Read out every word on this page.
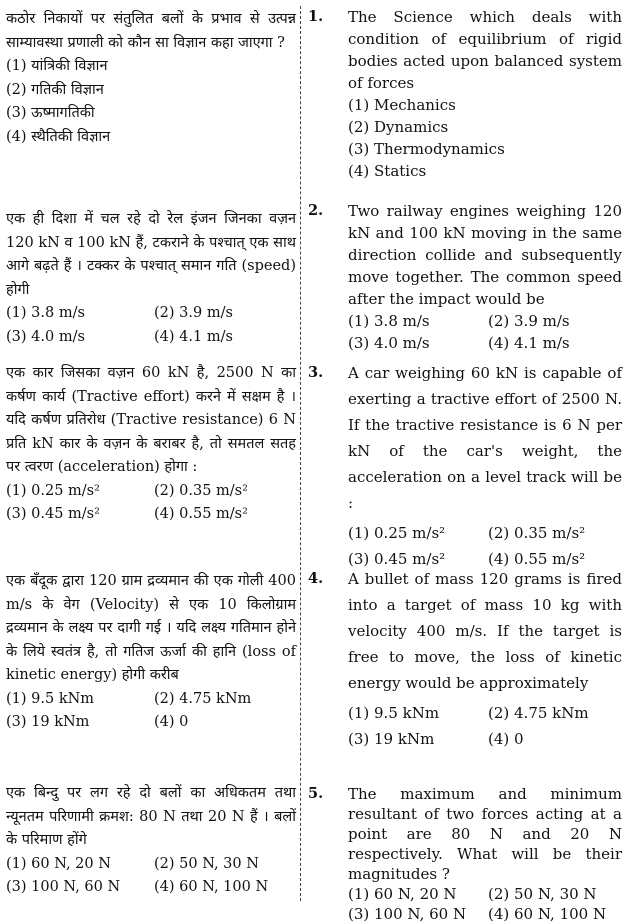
कठोर निकायों पर संतुलित बलों के प्रभाव से उत्पन्न साम्यावस्था प्रणाली को कौन सा विज्ञान कहा जाएगा ?
(1) यांत्रिकी विज्ञान
(2) गतिकी विज्ञान
(3) ऊष्मागतिकी
(4) स्थैतिकी विज्ञान
एक ही दिशा में चल रहे दो रेल इंजन जिनका वज़न 120 kN व 100 kN हैं, टकराने के पश्चात् एक साथ आगे बढ़ते हैं । टक्कर के पश्चात् समान गति (speed) होगी
(1) 3.8 m/s	(2) 3.9 m/s
(3) 4.0 m/s	(4) 4.1 m/s
एक कार जिसका वज़न 60 kN है, 2500 N का कर्षण कार्य (Tractive effort) करने में सक्षम है । यदि कर्षण प्रतिरोध (Tractive resistance) 6 N प्रति kN कार के वज़न के बराबर है, तो समतल सतह पर त्वरण (acceleration) होगा :
(1) 0.25 m/s²	(2) 0.35 m/s²
(3) 0.45 m/s²	(4) 0.55 m/s²
एक बँदूक द्वारा 120 ग्राम द्रव्यमान की एक गोली 400 m/s के वेग (Velocity) से एक 10 किलोग्राम द्रव्यमान के लक्ष्य पर दागी गई । यदि लक्ष्य गतिमान होने के लिये स्वतंत्र है, तो गतिज ऊर्जा की हानि (loss of kinetic energy) होगी करीब
(1) 9.5 kNm	(2) 4.75 kNm
(3) 19 kNm	(4) 0
एक बिन्दु पर लग रहे दो बलों का अधिकतम तथा न्यूनतम परिणामी क्रमश: 80 N तथा 20 N हैं । बलों के परिमाण होंगे
(1) 60 N, 20 N	(2) 50 N, 30 N
(3) 100 N, 60 N	(4) 60 N, 100 N
1. The Science which deals with condition of equilibrium of rigid bodies acted upon balanced system of forces
(1) Mechanics
(2) Dynamics
(3) Thermodynamics
(4) Statics
2. Two railway engines weighing 120 kN and 100 kN moving in the same direction collide and subsequently move together. The common speed after the impact would be
(1) 3.8 m/s	(2) 3.9 m/s
(3) 4.0 m/s	(4) 4.1 m/s
3. A car weighing 60 kN is capable of exerting a tractive effort of 2500 N. If the tractive resistance is 6 N per kN of the car's weight, the acceleration on a level track will be :
(1) 0.25 m/s²	(2) 0.35 m/s²
(3) 0.45 m/s²	(4) 0.55 m/s²
4. A bullet of mass 120 grams is fired into a target of mass 10 kg with velocity 400 m/s. If the target is free to move, the loss of kinetic energy would be approximately
(1) 9.5 kNm	(2) 4.75 kNm
(3) 19 kNm	(4) 0
5. The maximum and minimum resultant of two forces acting at a point are 80 N and 20 N respectively. What will be their magnitudes ?
(1) 60 N, 20 N	(2) 50 N, 30 N
(3) 100 N, 60 N	(4) 60 N, 100 N
